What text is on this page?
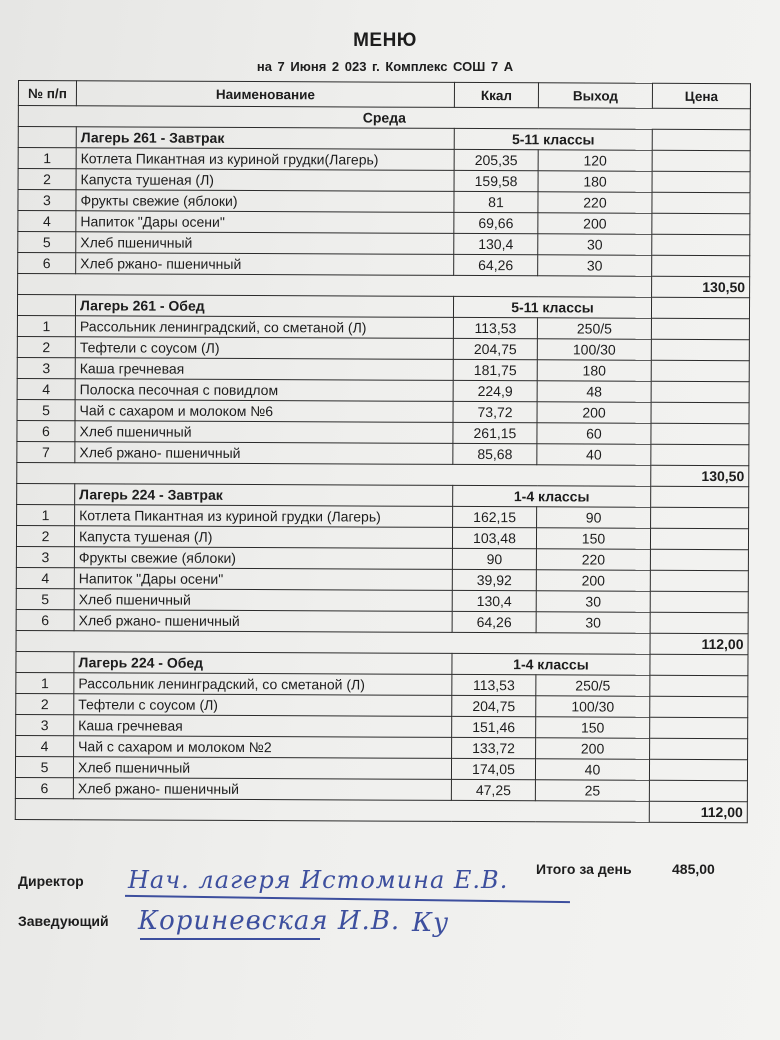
МЕНЮ
на 7 Июня 2 023 г. Комплекс СОШ 7 А
№ п/п	Наименование	Ккал	Выход	Цена
Среда				
	Лагерь 261 - Завтрак	5-11 классы		
1	Котлета Пикантная из куриной грудки(Лагерь)	205,35	120	
2	Капуста тушеная (Л)	159,58	180	
3	Фрукты свежие (яблоки)	81	220	
4	Напиток "Дары осени"	69,66	200	
5	Хлеб пшеничный	130,4	30	
6	Хлеб ржано- пшеничный	64,26	30	
				130,50
	Лагерь 261 - Обед	5-11 классы		
1	Рассольник ленинградский, со сметаной (Л)	113,53	250/5	
2	Тефтели с соусом (Л)	204,75	100/30	
3	Каша гречневая	181,75	180	
4	Полоска песочная с повидлом	224,9	48	
5	Чай с сахаром и молоком №6	73,72	200	
6	Хлеб пшеничный	261,15	60	
7	Хлеб ржано- пшеничный	85,68	40	
				130,50
	Лагерь 224 - Завтрак	1-4 классы		
1	Котлета Пикантная из куриной грудки (Лагерь)	162,15	90	
2	Капуста тушеная (Л)	103,48	150	
3	Фрукты свежие (яблоки)	90	220	
4	Напиток "Дары осени"	39,92	200	
5	Хлеб пшеничный	130,4	30	
6	Хлеб ржано- пшеничный	64,26	30	
				112,00
	Лагерь 224 - Обед	1-4 классы		
1	Рассольник ленинградский, со сметаной (Л)	113,53	250/5	
2	Тефтели с соусом (Л)	204,75	100/30	
3	Каша гречневая	151,46	150	
4	Чай с сахаром и молоком №2	133,72	200	
5	Хлеб пшеничный	174,05	40	
6	Хлеб ржано- пшеничный	47,25	25	
				112,00
Итого за день	485,00
Директор Нач. лагеря Истомина Е.В.
Заведующий Кориневская И.В. Ку
